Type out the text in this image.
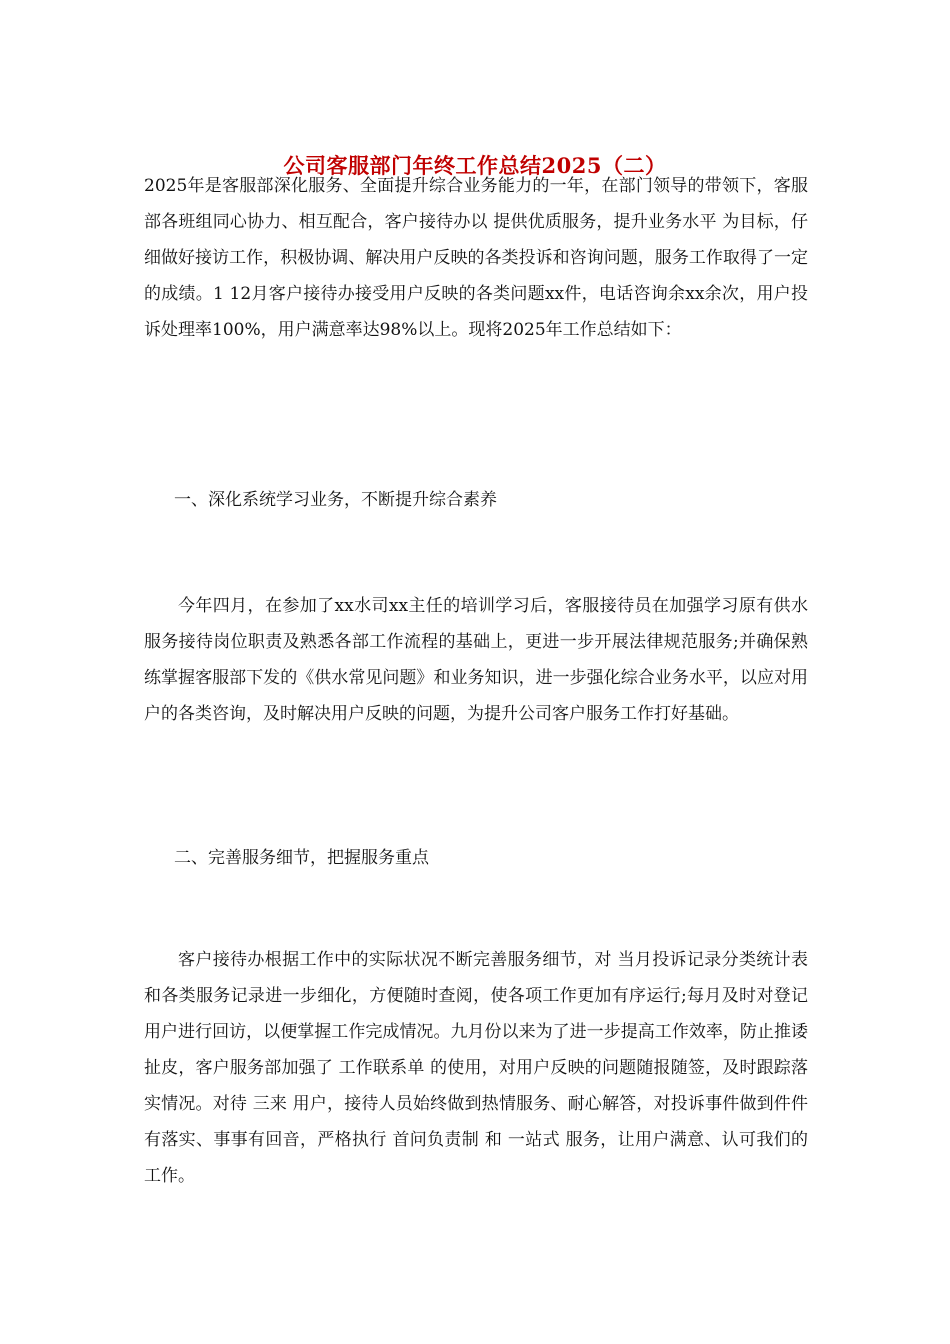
公司客服部门年终工作总结2025（二）

2025年是客服部深化服务、全面提升综合业务能力的一年，在部门领导的带领下，客服部各班组同心协力、相互配合，客户接待办以 提供优质服务，提升业务水平 为目标，仔细做好接访工作，积极协调、解决用户反映的各类投诉和咨询问题，服务工作取得了一定的成绩。1 12月客户接待办接受用户反映的各类问题xx件，电话咨询余xx余次，用户投诉处理率100%，用户满意率达98%以上。现将2025年工作总结如下：

一、深化系统学习业务，不断提升综合素养

今年四月，在参加了xx水司xx主任的培训学习后，客服接待员在加强学习原有供水服务接待岗位职责及熟悉各部工作流程的基础上，更进一步开展法律规范服务;并确保熟练掌握客服部下发的《供水常见问题》和业务知识，进一步强化综合业务水平，以应对用户的各类咨询，及时解决用户反映的问题，为提升公司客户服务工作打好基础。

二、完善服务细节，把握服务重点

客户接待办根据工作中的实际状况不断完善服务细节，对 当月投诉记录分类统计表 和各类服务记录进一步细化，方便随时查阅，使各项工作更加有序运行;每月及时对登记用户进行回访，以便掌握工作完成情况。九月份以来为了进一步提高工作效率，防止推诿扯皮，客户服务部加强了 工作联系单 的使用，对用户反映的问题随报随签，及时跟踪落实情况。对待 三来 用户，接待人员始终做到热情服务、耐心解答，对投诉事件做到件件有落实、事事有回音，严格执行 首问负责制 和 一站式 服务，让用户满意、认可我们的工作。
